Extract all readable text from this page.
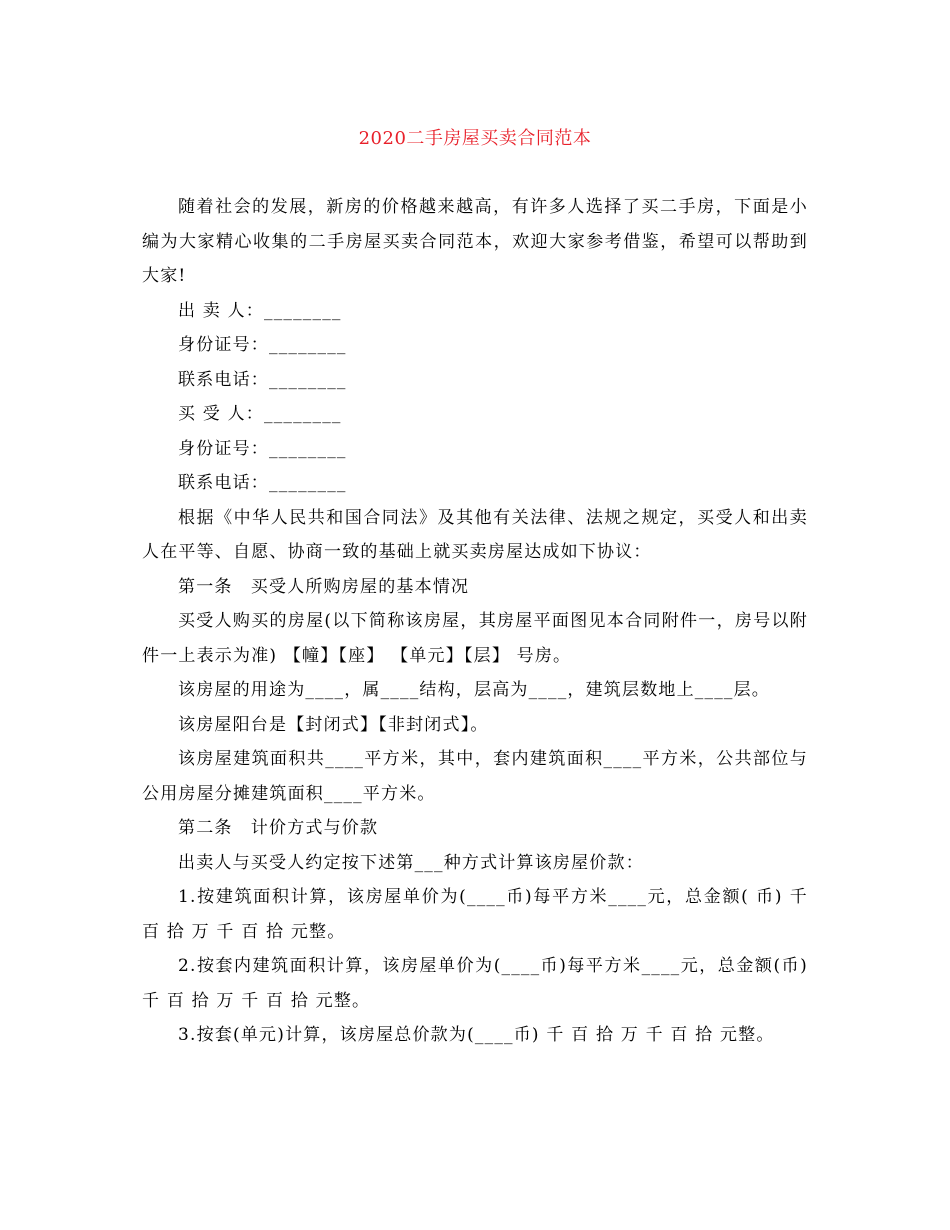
2020二手房屋买卖合同范本

随着社会的发展，新房的价格越来越高，有许多人选择了买二手房，下面是小编为大家精心收集的二手房屋买卖合同范本，欢迎大家参考借鉴，希望可以帮助到大家!

出 卖 人：________

身份证号：________

联系电话：________

买 受 人：________

身份证号：________

联系电话：________

根据《中华人民共和国合同法》及其他有关法律、法规之规定，买受人和出卖人在平等、自愿、协商一致的基础上就买卖房屋达成如下协议：

第一条　买受人所购房屋的基本情况

买受人购买的房屋(以下简称该房屋，其房屋平面图见本合同附件一，房号以附件一上表示为准) 【幢】【座】 【单元】【层】 号房。

该房屋的用途为____，属____结构，层高为____，建筑层数地上____层。

该房屋阳台是【封闭式】【非封闭式】。

该房屋建筑面积共____平方米，其中，套内建筑面积____平方米，公共部位与公用房屋分摊建筑面积____平方米。

第二条　计价方式与价款

出卖人与买受人约定按下述第___种方式计算该房屋价款：

1.按建筑面积计算，该房屋单价为(____币)每平方米____元，总金额( 币) 千 百 拾 万 千 百 拾 元整。

2.按套内建筑面积计算，该房屋单价为(____币)每平方米____元，总金额(币) 千 百 拾 万 千 百 拾 元整。

3.按套(单元)计算，该房屋总价款为(____币) 千 百 拾 万 千 百 拾 元整。
